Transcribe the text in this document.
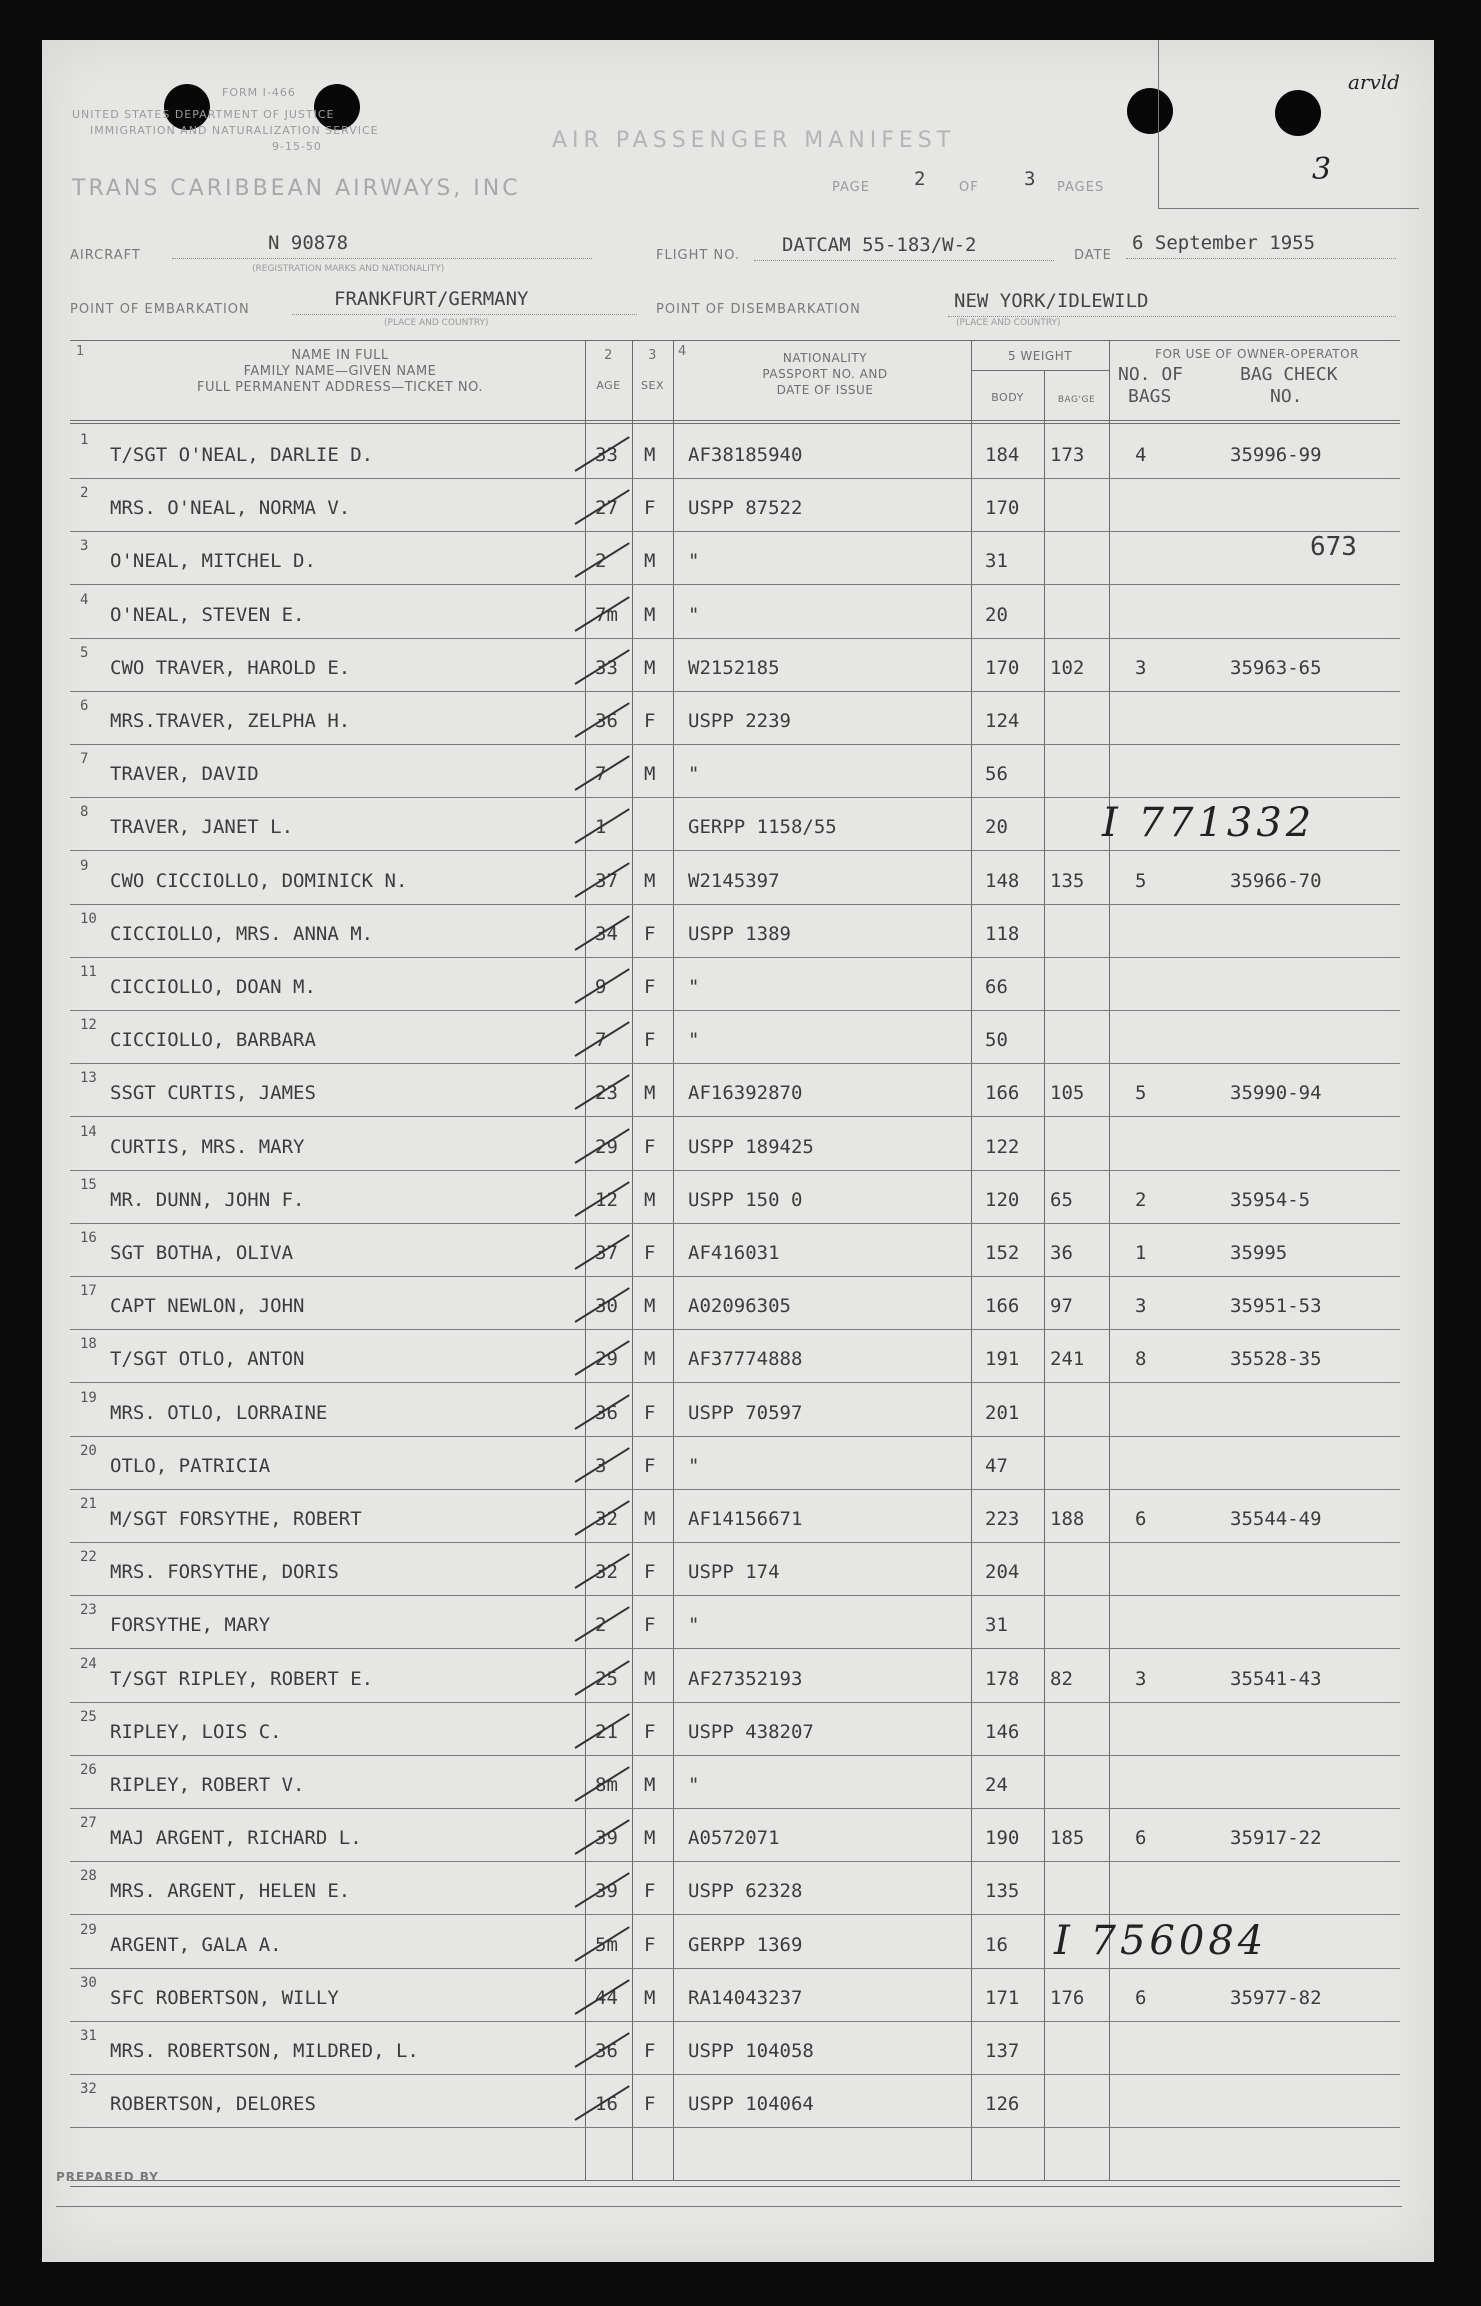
UNITED STATES DEPARTMENT OF JUSTICE
IMMIGRATION AND NATURALIZATION SERVICE
9-15-50
FORM I-466
AIR PASSENGER MANIFEST
TRANS CARIBBEAN AIRWAYS, INC	PAGE 2	OF 3 PAGES
3
arvld
AIRCRAFT
N 90878
(REGISTRATION MARKS AND NATIONALITY)
FLIGHT NO. DATCAM 55-183/W-2	DATE
6 September 1955
POINT OF EMBARKATION	FRANKFURT/GERMANY
(PLACE AND COUNTRY)
POINT OF DISEMBARKATION	NEW YORK/IDLEWILD
(PLACE AND COUNTRY)
1	NAME IN FULL
FAMILY NAME—GIVEN NAME
FULL PERMANENT ADDRESS—TICKET NO.
2
AGE
3
SEX
4	NATIONALITY
PASSPORT NO. AND
DATE OF ISSUE
5 WEIGHT
BODY	BAG'GE
FOR USE OF OWNER-OPERATOR
NO. OF
BAGS
BAG CHECK
NO.
1
T/SGT O'NEAL, DARLIE D.	33 M AF38185940	184 173	4	35996-99
2
MRS. O'NEAL, NORMA V.	27 F USPP 87522	170
3
O'NEAL, MITCHEL D.	2 M "	31	673
4
O'NEAL, STEVEN E.	7m M "	20
5
CWO TRAVER, HAROLD E.	33 M W2152185	170 102	3	35963-65
6
MRS.TRAVER, ZELPHA H.	36 F USPP 2239	124
7
TRAVER, DAVID	7 M "	56
8
TRAVER, JANET L.	1	GERPP 1158/55	20
9
CWO CICCIOLLO, DOMINICK N.	37 M W2145397	148 135	5	35966-70
10
CICCIOLLO, MRS. ANNA M.	34 F USPP 1389	118
11
CICCIOLLO, DOAN M.	9 F "	66
12
CICCIOLLO, BARBARA	7 F "	50
13
SSGT CURTIS, JAMES	23 M AF16392870	166 105	5	35990-94
14
CURTIS, MRS. MARY	29 F USPP 189425	122
15
MR. DUNN, JOHN F.	12 M USPP 150 0	120 65	2	35954-5
16
SGT BOTHA, OLIVA	37 F AF416031	152 36	1	35995
17
CAPT NEWLON, JOHN	30 M A02096305	166 97	3	35951-53
18
T/SGT OTLO, ANTON	29 M AF37774888	191 241	8	35528-35
19
MRS. OTLO, LORRAINE	36 F USPP 70597	201
20
OTLO, PATRICIA	3 F "	47
21
M/SGT FORSYTHE, ROBERT	32 M AF14156671	223 188	6	35544-49
22
MRS. FORSYTHE, DORIS	32 F USPP 174	204
23
FORSYTHE, MARY	2 F "	31
24
T/SGT RIPLEY, ROBERT E.	25 M AF27352193	178 82	3	35541-43
25
RIPLEY, LOIS C.	21 F USPP 438207	146
26
RIPLEY, ROBERT V.	8m M "	24
27
MAJ ARGENT, RICHARD L.	39 M A0572071	190 185	6	35917-22
28
MRS. ARGENT, HELEN E.	39 F USPP 62328	135
29
ARGENT, GALA A.	5m F GERPP 1369	16
30
SFC ROBERTSON, WILLY	44 M RA14043237	171 176	6	35977-82
31
MRS. ROBERTSON, MILDRED, L.	36 F USPP 104058	137
32
ROBERTSON, DELORES	16 F USPP 104064	126
I 771332
I 756084
PREPARED BY
